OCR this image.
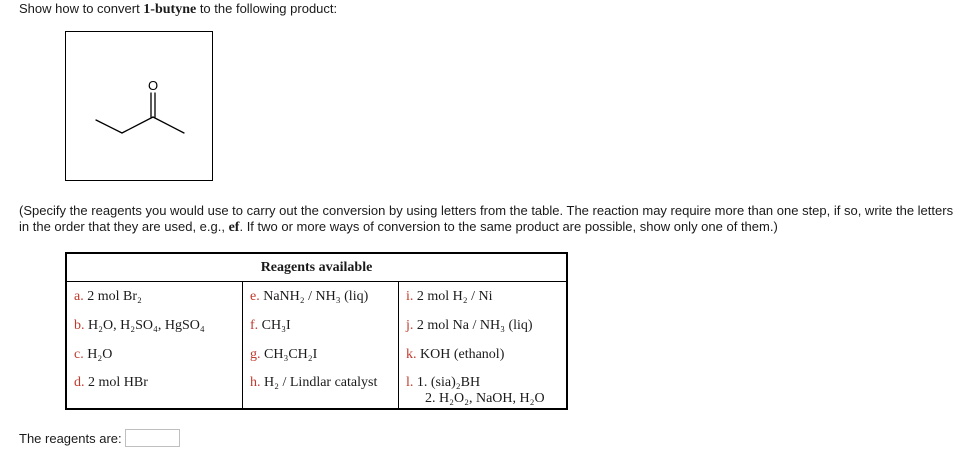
Show how to convert 1-butyne to the following product:
O
(Specify the reagents you would use to carry out the conversion by using letters from the table. The reaction may require more than one step, if so, write the letters in the order that they are used, e.g., ef. If two or more ways of conversion to the same product are possible, show only one of them.)
Reagents available		
a. 2 mol Br₂	e. NaNH₂ / NH₃ (liq)	i. 2 mol H₂ / Ni
b. H₂O, H₂SO₄, HgSO₄	f. CH₃I	j. 2 mol Na / NH₃ (liq)
c. H₂O	g. CH₃CH₂I	k. KOH (ethanol)
d. 2 mol HBr	h. H₂ / Lindlar catalyst	l. 1. (sia)₂BH
2. H₂O₂, NaOH, H₂O
The reagents are:
